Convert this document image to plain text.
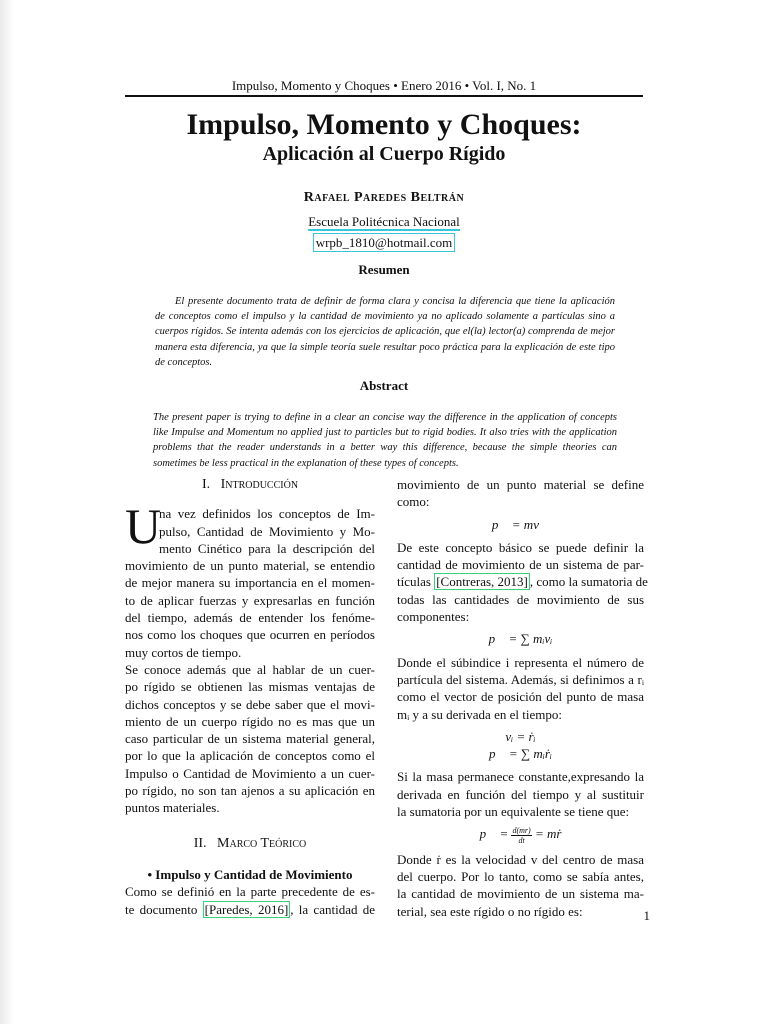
Impulso, Momento y Choques • Enero 2016 • Vol. I, No. 1
Impulso, Momento y Choques:
Aplicación al Cuerpo Rígido
Rafael Paredes Beltrán
Escuela Politécnica Nacional
wrpb_1810@hotmail.com
Resumen
El presente documento trata de definir de forma clara y concisa la diferencia que tiene la aplicación
de conceptos como el impulso y la cantidad de movimiento ya no aplicado solamente a partículas sino a
cuerpos rígidos. Se intenta además con los ejercicios de aplicación, que el(la) lector(a) comprenda de mejor
manera esta diferencia, ya que la simple teoría suele resultar poco práctica para la explicación de este tipo
de conceptos.
Abstract
The present paper is trying to define in a clear an concise way the difference in the application of concepts
like Impulse and Momentum no applied just to particles but to rigid bodies. It also tries with the application
problems that the reader understands in a better way this difference, because the simple theories can
sometimes be less practical in the explanation of these types of concepts.
I. Introducción
U
na vez definidos los conceptos de Im-
pulso, Cantidad de Movimiento y Mo-
mento Cinético para la descripción del
movimiento de un punto material, se entendio
de mejor manera su importancia en el momen-
to de aplicar fuerzas y expresarlas en función
del tiempo, además de entender los fenóme-
nos como los choques que ocurren en períodos
muy cortos de tiempo.
Se conoce además que al hablar de un cuer-
po rígido se obtienen las mismas ventajas de
dichos conceptos y se debe saber que el movi-
miento de un cuerpo rígido no es mas que un
caso particular de un sistema material general,
por lo que la aplicación de conceptos como el
Impulso o Cantidad de Movimiento a un cuer-
po rígido, no son tan ajenos a su aplicación en
puntos materiales.
II. Marco Teórico
• Impulso y Cantidad de Movimiento
Como se definió en la parte precedente de es-
te documento [Paredes, 2016] , la cantidad de
movimiento de un punto material se define
como:
p⃗ = mv⃗
De este concepto básico se puede definir la
cantidad de movimiento de un sistema de par-
tículas [Contreras, 2013] , como la sumatoria de
todas las cantidades de movimiento de sus
componentes:
p⃗ = ∑ mᵢvᵢ
Donde el súbindice i representa el número de
partícula del sistema. Además, si definimos a rᵢ
como el vector de posición del punto de masa
mᵢ y a su derivada en el tiempo:
vᵢ = ṙᵢ
p⃗ = ∑ mᵢṙᵢ
Si la masa permanece constante,expresando la
derivada en función del tiempo y al sustituir
la sumatoria por un equivalente se tiene que:
p⃗ = $\frac{d(mr)}{dt}$ = mṙ
Donde ṙ es la velocidad v del centro de masa
del cuerpo. Por lo tanto, como se sabía antes,
la cantidad de movimiento de un sistema ma-
terial, sea este rígido o no rígido es:	1
